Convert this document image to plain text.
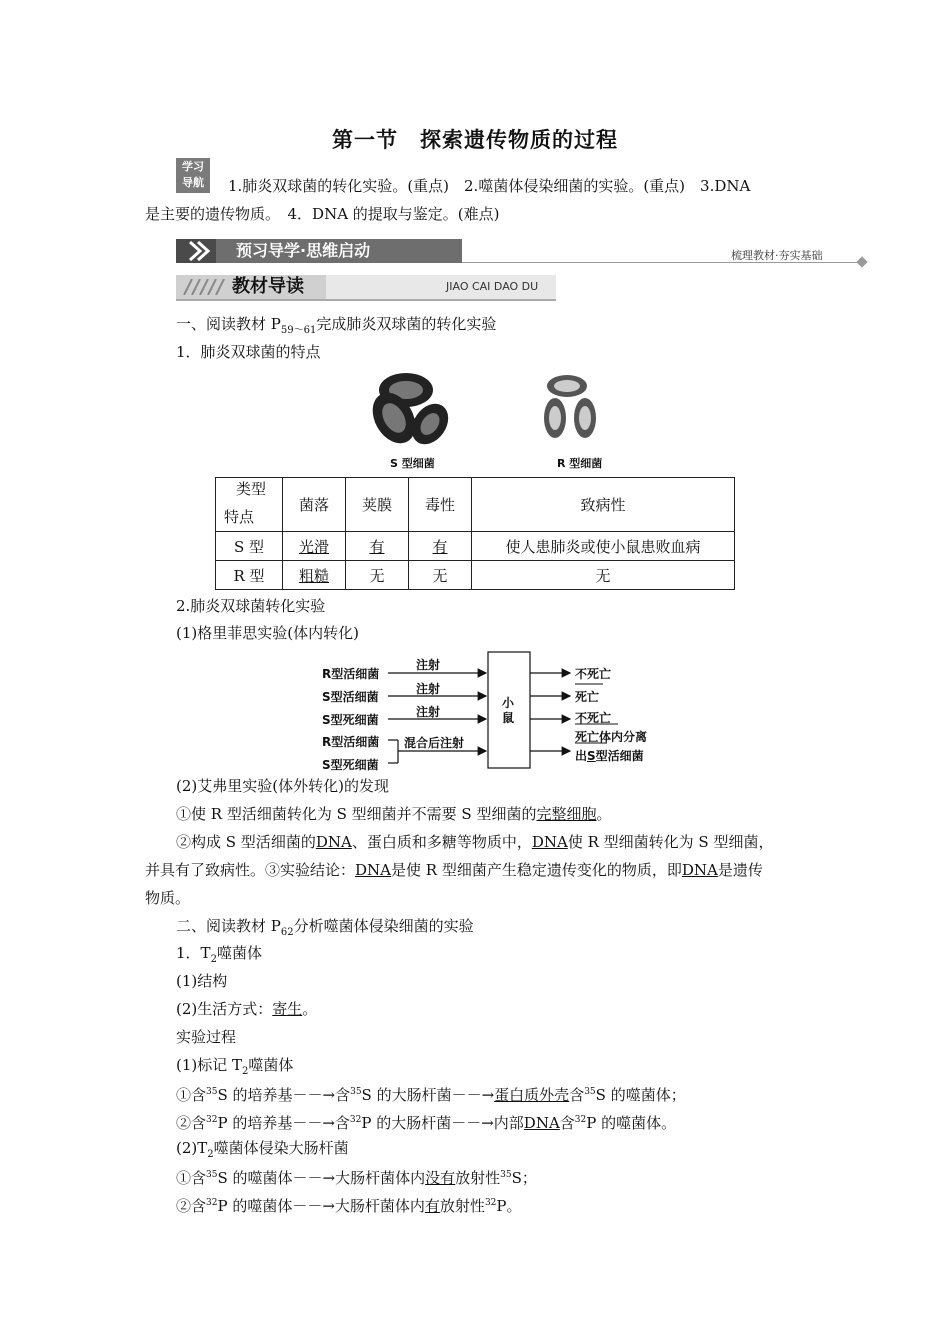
第一节　探索遗传物质的过程
学习
导航	1.肺炎双球菌的转化实验。(重点)　2.噬菌体侵染细菌的实验。(重点)　3.DNA
是主要的遗传物质。　4．DNA 的提取与鉴定。(难点)
预习导学·思维启动	梳理教材·夯实基础
教材导读	JIAO CAI DAO DU
一、阅读教材 $P_{59\sim 61}$完成肺炎双球菌的转化实验
1．肺炎双球菌的特点
S 型细菌	R 型细菌
类型
特点	菌落	荚膜	毒性	致病性
S 型	光滑	有	有	使人患肺炎或使小鼠患败血病
R 型	粗糙	无	无	无
2.肺炎双球菌转化实验
(1)格里菲思实验(体内转化)
R型活细菌
S型活细菌
S型死细菌
R型活细菌
S型死细菌
注射
注射
注射
混合后注射
小
鼠
不死亡
死亡
不死亡
死亡体内分离
出S型活细菌
(2)艾弗里实验(体外转化)的发现
①使 R 型活细菌转化为 S 型细菌并不需要 S 型细菌的完整细胞。
②构成 S 型活细菌的DNA、蛋白质和多糖等物质中，DNA使 R 型细菌转化为 S 型细菌，
并具有了致病性。③实验结论：DNA是使 R 型细菌产生稳定遗传变化的物质，即DNA是遗传
物质。
二、阅读教材 $P_{62}$分析噬菌体侵染细菌的实验
1．$T_2$噬菌体
(1)结构
(2)生活方式：寄生。
实验过程
(1)标记 $T_2$噬菌体
①含$^{35}$S 的培养基－－→含$^{35}$S 的大肠杆菌－－→蛋白质外壳含$^{35}$S 的噬菌体；
②含$^{32}$P 的培养基－－→含$^{32}$P 的大肠杆菌－－→内部DNA含$^{32}$P 的噬菌体。
$(2)T_2$噬菌体侵染大肠杆菌
①含$^{35}$S 的噬菌体－－→大肠杆菌体内没有放射性$^{35}$S；
②含$^{32}$P 的噬菌体－－→大肠杆菌体内有放射性$^{32}$P。
